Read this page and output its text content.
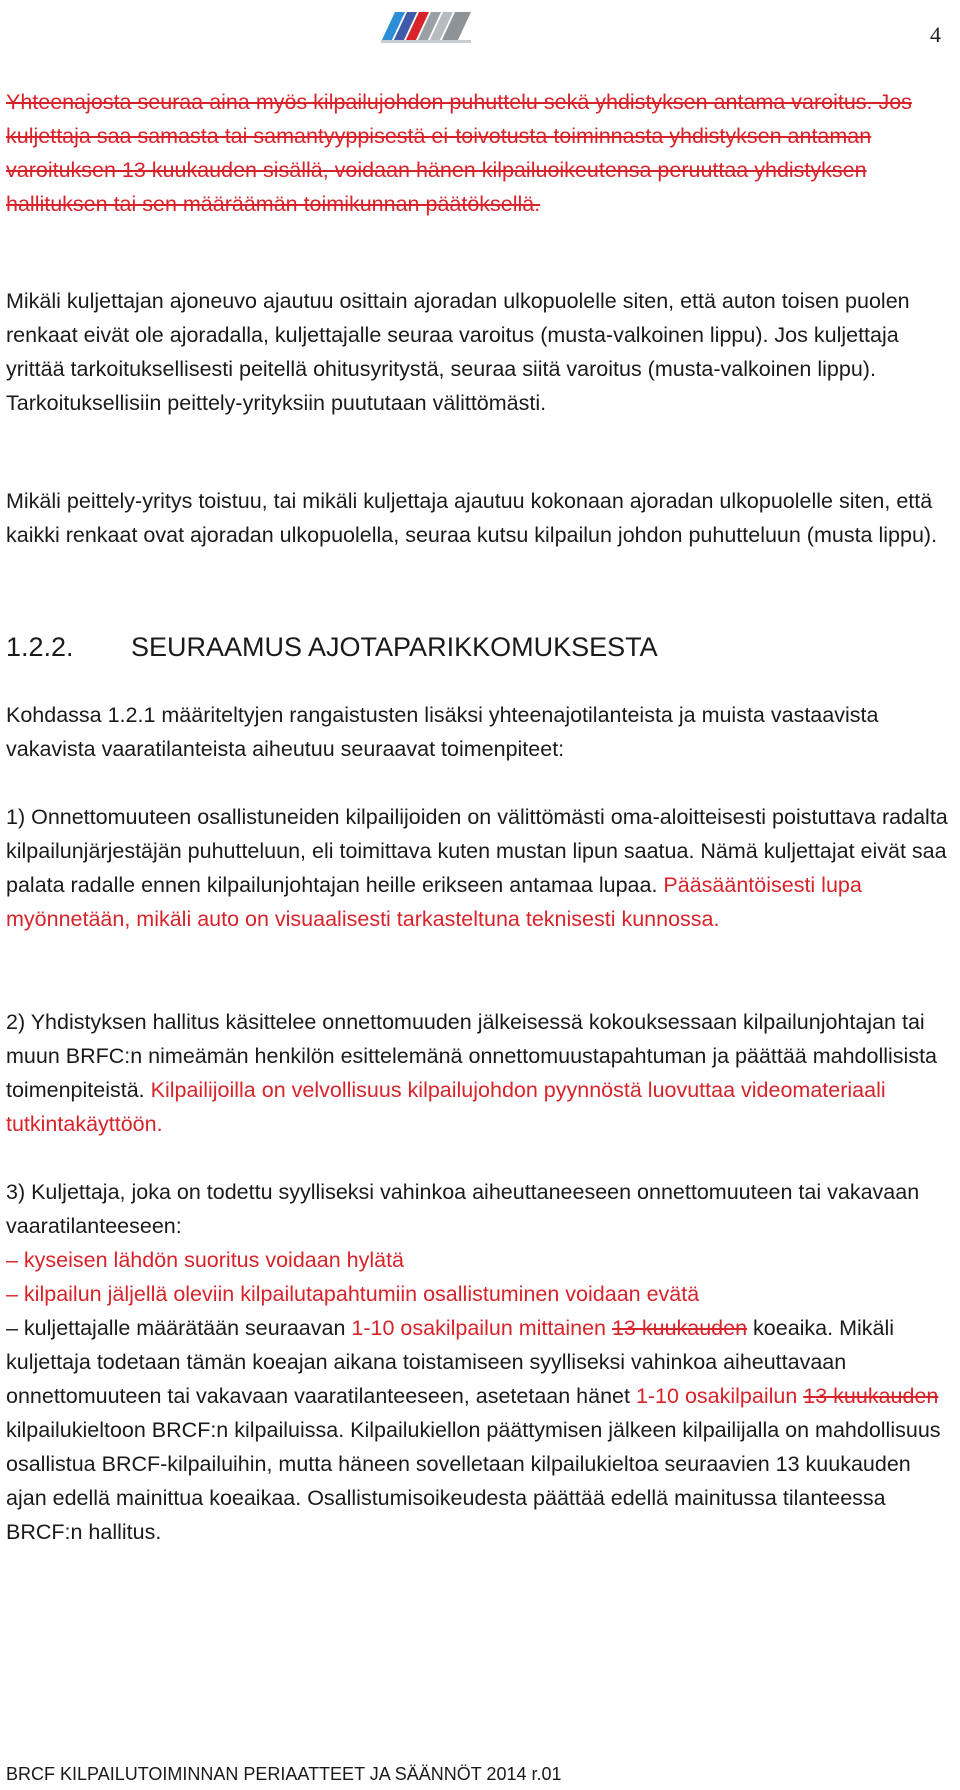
4

Yhteenajosta seuraa aina myös kilpailujohdon puhuttelu sekä yhdistyksen antama varoitus. Jos kuljettaja saa samasta tai samantyyppisestä ei-toivotusta toiminnasta yhdistyksen antaman varoituksen 13 kuukauden sisällä, voidaan hänen kilpailuoikeutensa peruuttaa yhdistyksen hallituksen tai sen määräämän toimikunnan päätöksellä.

Mikäli kuljettajan ajoneuvo ajautuu osittain ajoradan ulkopuolelle siten, että auton toisen puolen renkaat eivät ole ajoradalla, kuljettajalle seuraa varoitus (musta-valkoinen lippu). Jos kuljettaja yrittää tarkoituksellisesti peitellä ohitusyritystä, seuraa siitä varoitus (musta-valkoinen lippu). Tarkoituksellisiin peittely-yrityksiin puututaan välittömästi.

Mikäli peittely-yritys toistuu, tai mikäli kuljettaja ajautuu kokonaan ajoradan ulkopuolelle siten, että kaikki renkaat ovat ajoradan ulkopuolella, seuraa kutsu kilpailun johdon puhutteluun (musta lippu).

1.2.2. SEURAAMUS AJOTAPARIKKOMUKSESTA

Kohdassa 1.2.1 määriteltyjen rangaistusten lisäksi yhteenajotilanteista ja muista vastaavista vakavista vaaratilanteista aiheutuu seuraavat toimenpiteet:

1) Onnettomuuteen osallistuneiden kilpailijoiden on välittömästi oma-aloitteisesti poistuttava radalta kilpailunjärjestäjän puhutteluun, eli toimittava kuten mustan lipun saatua. Nämä kuljettajat eivät saa palata radalle ennen kilpailunjohtajan heille erikseen antamaa lupaa. Pääsääntöisesti lupa myönnetään, mikäli auto on visuaalisesti tarkasteltuna teknisesti kunnossa.

2) Yhdistyksen hallitus käsittelee onnettomuuden jälkeisessä kokouksessaan kilpailunjohtajan tai muun BRFC:n nimeämän henkilön esittelemänä onnettomuustapahtuman ja päättää mahdollisista toimenpiteistä. Kilpailijoilla on velvollisuus kilpailujohdon pyynnöstä luovuttaa videomateriaali tutkintakäyttöön.

3) Kuljettaja, joka on todettu syylliseksi vahinkoa aiheuttaneeseen onnettomuuteen tai vakavaan vaaratilanteeseen:
– kyseisen lähdön suoritus voidaan hylätä
– kilpailun jäljellä oleviin kilpailutapahtumiin osallistuminen voidaan evätä
– kuljettajalle määrätään seuraavan 1-10 osakilpailun mittainen 13 kuukauden koeaika. Mikäli kuljettaja todetaan tämän koeajan aikana toistamiseen syylliseksi vahinkoa aiheuttavaan onnettomuuteen tai vakavaan vaaratilanteeseen, asetetaan hänet 1-10 osakilpailun 13 kuukauden kilpailukieltoon BRCF:n kilpailuissa. Kilpailukiellon päättymisen jälkeen kilpailijalla on mahdollisuus osallistua BRCF-kilpailuihin, mutta häneen sovelletaan kilpailukieltoa seuraavien 13 kuukauden ajan edellä mainittua koeaikaa. Osallistumisoikeudesta päättää edellä mainitussa tilanteessa BRCF:n hallitus.
BRCF KILPAILUTOIMINNAN PERIAATTEET JA SÄÄNNÖT 2014 r.01
